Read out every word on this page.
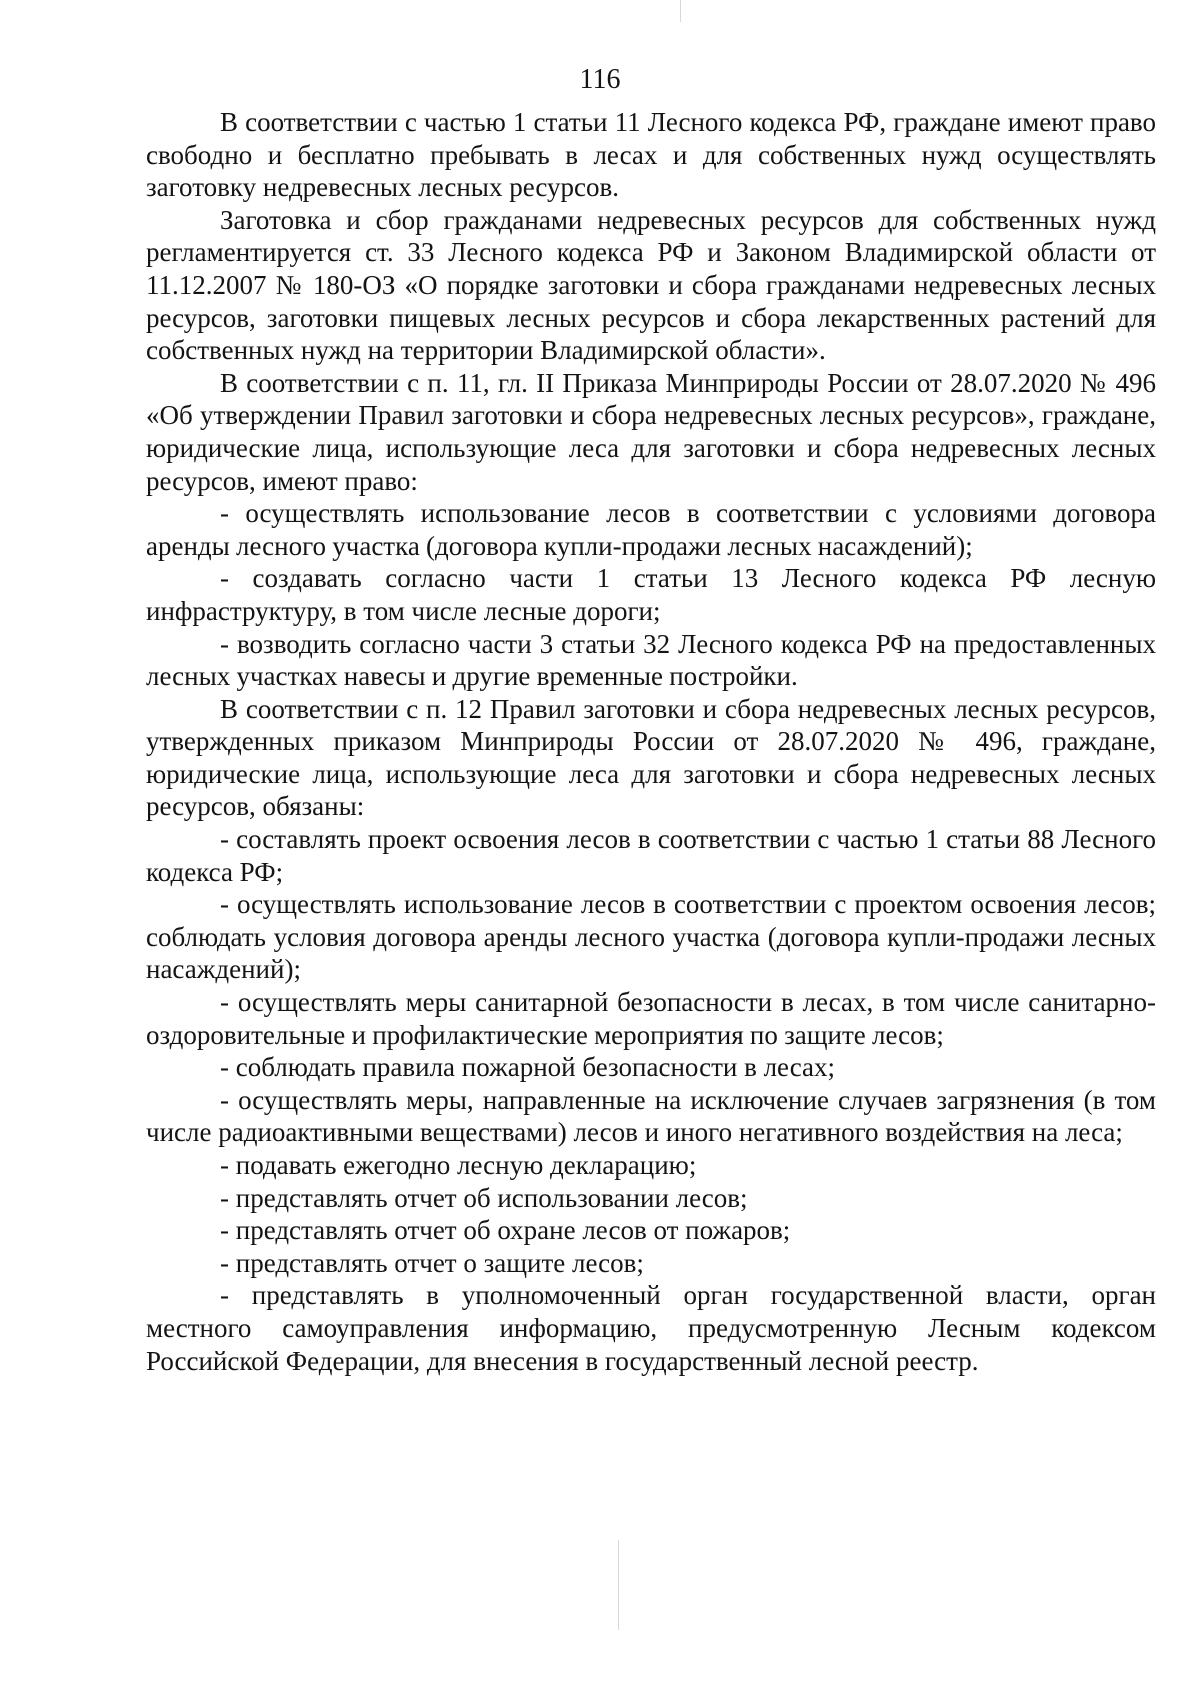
116

В соответствии с частью 1 статьи 11 Лесного кодекса РФ, граждане имеют право свободно и бесплатно пребывать в лесах и для собственных нужд осуществлять заготовку недревесных лесных ресурсов.

Заготовка и сбор гражданами недревесных ресурсов для собственных нужд регламентируется ст. 33 Лесного кодекса РФ и Законом Владимирской области от 11.12.2007 № 180-ОЗ «О порядке заготовки и сбора гражданами недревесных лесных ресурсов, заготовки пищевых лесных ресурсов и сбора лекарственных растений для собственных нужд на территории Владимирской области».

В соответствии с п. 11, гл. II Приказа Минприроды России от 28.07.2020 № 496 «Об утверждении Правил заготовки и сбора недревесных лесных ресурсов», граждане, юридические лица, использующие леса для заготовки и сбора недревесных лесных ресурсов, имеют право:

- осуществлять использование лесов в соответствии с условиями договора аренды лесного участка (договора купли-продажи лесных насаждений);

- создавать согласно части 1 статьи 13 Лесного кодекса РФ лесную инфраструктуру, в том числе лесные дороги;

- возводить согласно части 3 статьи 32 Лесного кодекса РФ на предоставленных лесных участках навесы и другие временные постройки.

В соответствии с п. 12 Правил заготовки и сбора недревесных лесных ресурсов, утвержденных приказом Минприроды России от 28.07.2020 № 496, граждане, юридические лица, использующие леса для заготовки и сбора недревесных лесных ресурсов, обязаны:

- составлять проект освоения лесов в соответствии с частью 1 статьи 88 Лесного кодекса РФ;

- осуществлять использование лесов в соответствии с проектом освоения лесов; соблюдать условия договора аренды лесного участка (договора купли-продажи лесных насаждений);

- осуществлять меры санитарной безопасности в лесах, в том числе санитарно-оздоровительные и профилактические мероприятия по защите лесов;

- соблюдать правила пожарной безопасности в лесах;

- осуществлять меры, направленные на исключение случаев загрязнения (в том числе радиоактивными веществами) лесов и иного негативного воздействия на леса;

- подавать ежегодно лесную декларацию;

- представлять отчет об использовании лесов;

- представлять отчет об охране лесов от пожаров;

- представлять отчет о защите лесов;

- представлять в уполномоченный орган государственной власти, орган местного самоуправления информацию, предусмотренную Лесным кодексом Российской Федерации, для внесения в государственный лесной реестр.
